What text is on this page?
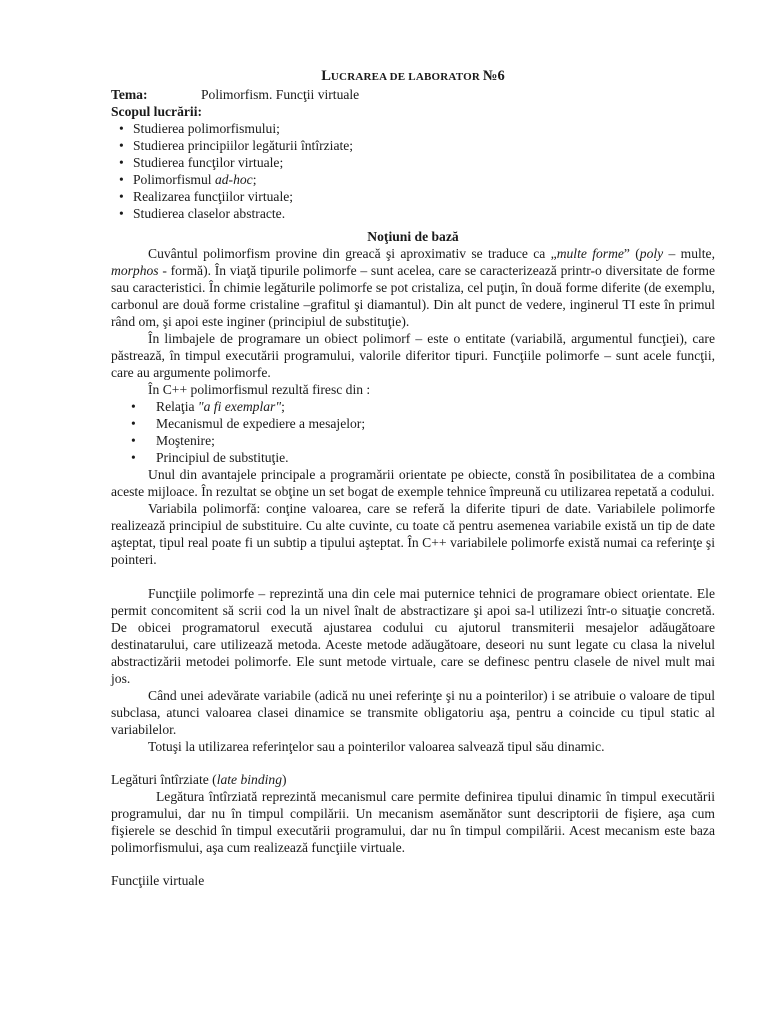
LUCRAREA DE LABORATOR №6

Tema:	Polimorfism. Funcţii virtuale

Scopul lucrării:

• Studierea polimorfismului;
• Studierea principiilor legăturii întîrziate;
• Studierea funcţilor virtuale;
• Polimorfismul ad-hoc;
• Realizarea funcţiilor virtuale;
• Studierea claselor abstracte.

Noţiuni de bază

Cuvântul polimorfism provine din greacă şi aproximativ se traduce ca „multe forme” (poly – multe, morphos - formă). În viaţă tipurile polimorfe – sunt acelea, care se caracterizează printr-o diversitate de forme sau caracteristici. În chimie legăturile polimorfe se pot cristaliza, cel puţin, în două forme diferite (de exemplu, carbonul are două forme cristaline –grafitul şi diamantul). Din alt punct de vedere, inginerul TI este în primul rând om, şi apoi este inginer (principiul de substituţie).

În limbajele de programare un obiect polimorf – este o entitate (variabilă, argumentul funcţiei), care păstrează, în timpul executării programului, valorile diferitor tipuri. Funcţiile polimorfe – sunt acele funcţii, care au argumente polimorfe.

În C++ polimorfismul rezultă firesc din :

•	Relaţia "a fi exemplar";
•	Mecanismul de expediere a mesajelor;
•	Moştenire;
•	Principiul de substituţie.

Unul din avantajele principale a programării orientate pe obiecte, constă în posibilitatea de a combina aceste mijloace. În rezultat se obţine un set bogat de exemple tehnice împreună cu utilizarea repetată a codului.

Variabila polimorfă: conţine valoarea, care se referă la diferite tipuri de date. Variabilele polimorfe realizează principiul de substituire. Cu alte cuvinte, cu toate că pentru asemenea variabile există un tip de date aşteptat, tipul real poate fi un subtip a tipului aşteptat. În C++ variabilele polimorfe există numai ca referinţe şi pointeri.

Funcţiile polimorfe – reprezintă una din cele mai puternice tehnici de programare obiect orientate. Ele permit concomitent să scrii cod la un nivel înalt de abstractizare şi apoi sa-l utilizezi într-o situaţie concretă. De obicei programatorul execută ajustarea codului cu ajutorul transmiterii mesajelor adăugătoare destinatarului, care utilizează metoda. Aceste metode adăugătoare, deseori nu sunt legate cu clasa la nivelul abstractizării metodei polimorfe. Ele sunt metode virtuale, care se definesc pentru clasele de nivel mult mai jos.

Când unei adevărate variabile (adică nu unei referinţe şi nu a pointerilor) i se atribuie o valoare de tipul subclasa, atunci valoarea clasei dinamice se transmite obligatoriu aşa, pentru a coincide cu tipul static al variabilelor.

Totuşi la utilizarea referinţelor sau a pointerilor valoarea salvează tipul său dinamic.

Legături întîrziate (late binding)

Legătura întîrziată reprezintă mecanismul care permite definirea tipului dinamic în timpul executării programului, dar nu în timpul compilării. Un mecanism asemănător sunt descriptorii de fişiere, aşa cum fişierele se deschid în timpul executării programului, dar nu în timpul compilării. Acest mecanism este baza polimorfismului, aşa cum realizează funcţiile virtuale.

Funcţiile virtuale
